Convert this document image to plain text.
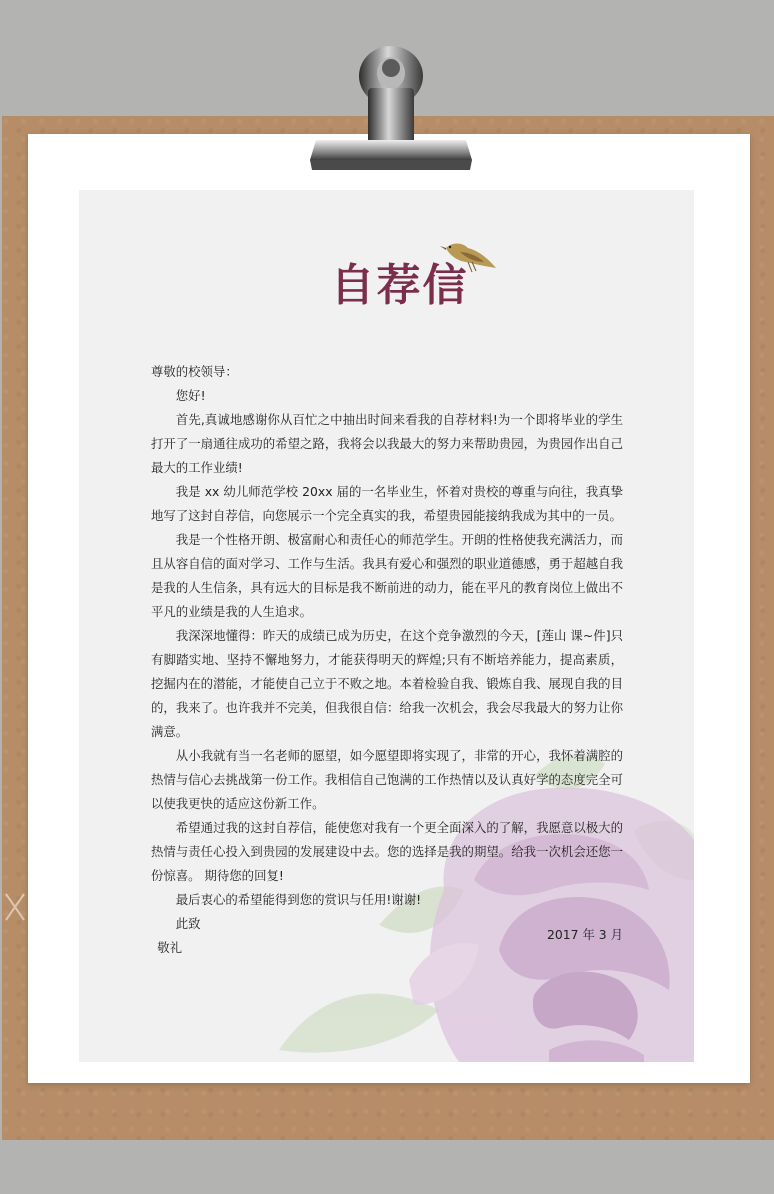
自荐信

尊敬的校领导：

您好!

首先,真诚地感谢你从百忙之中抽出时间来看我的自荐材料!为一个即将毕业的学生打开了一扇通往成功的希望之路，我将会以我最大的努力来帮助贵园，为贵园作出自己最大的工作业绩!

我是 xx 幼儿师范学校 20xx 届的一名毕业生，怀着对贵校的尊重与向往，我真挚地写了这封自荐信，向您展示一个完全真实的我，希望贵园能接纳我成为其中的一员。

我是一个性格开朗、极富耐心和责任心的师范学生。开朗的性格使我充满活力，而且从容自信的面对学习、工作与生活。我具有爱心和强烈的职业道德感，勇于超越自我是我的人生信条，具有远大的目标是我不断前进的动力，能在平凡的教育岗位上做出不平凡的业绩是我的人生追求。

我深深地懂得：昨天的成绩已成为历史，在这个竞争激烈的今天，[莲山 课~件]只有脚踏实地、坚持不懈地努力，才能获得明天的辉煌;只有不断培养能力，提高素质，挖掘内在的潜能，才能使自己立于不败之地。本着检验自我、锻炼自我、展现自我的目的，我来了。也许我并不完美，但我很自信：给我一次机会，我会尽我最大的努力让你满意。

从小我就有当一名老师的愿望，如今愿望即将实现了，非常的开心，我怀着满腔的热情与信心去挑战第一份工作。我相信自己饱满的工作热情以及认真好学的态度完全可以使我更快的适应这份新工作。

希望通过我的这封自荐信，能使您对我有一个更全面深入的了解，我愿意以极大的热情与责任心投入到贵园的发展建设中去。您的选择是我的期望。给我一次机会还您一份惊喜。 期待您的回复!

最后衷心的希望能得到您的赏识与任用!谢谢!

此致

敬礼

2017 年 3 月
